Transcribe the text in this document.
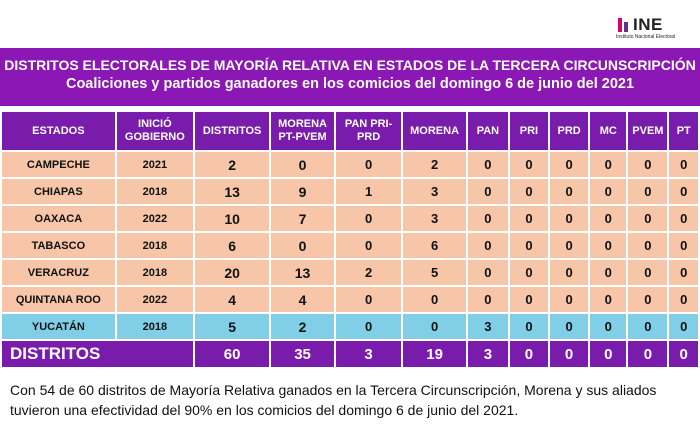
INE
Instituto Nacional Electoral
DISTRITOS ELECTORALES DE MAYORÍA RELATIVA EN ESTADOS DE LA TERCERA CIRCUNSCRIPCIÓN
Coaliciones y partidos ganadores en los comicios del domingo 6 de junio del 2021
ESTADOS	INICIÓ GOBIERNO	DISTRITOS	MORENA PT-PVEM	PAN PRI-PRD	MORENA	PAN	PRI	PRD	MC	PVEM	PT
CAMPECHE	2021	2	0	0	2	0	0	0	0	0	0
CHIAPAS	2018	13	9	1	3	0	0	0	0	0	0
OAXACA	2022	10	7	0	3	0	0	0	0	0	0
TABASCO	2018	6	0	0	6	0	0	0	0	0	0
VERACRUZ	2018	20	13	2	5	0	0	0	0	0	0
QUINTANA ROO	2022	4	4	0	0	0	0	0	0	0	0
YUCATÁN	2018	5	2	0	0	3	0	0	0	0	0
DISTRITOS		60	35	3	19	3	0	0	0	0	0
Con 54 de 60 distritos de Mayoría Relativa ganados en la Tercera Circunscripción, Morena y sus aliados tuvieron una efectividad del 90% en los comicios del domingo 6 de junio del 2021.
